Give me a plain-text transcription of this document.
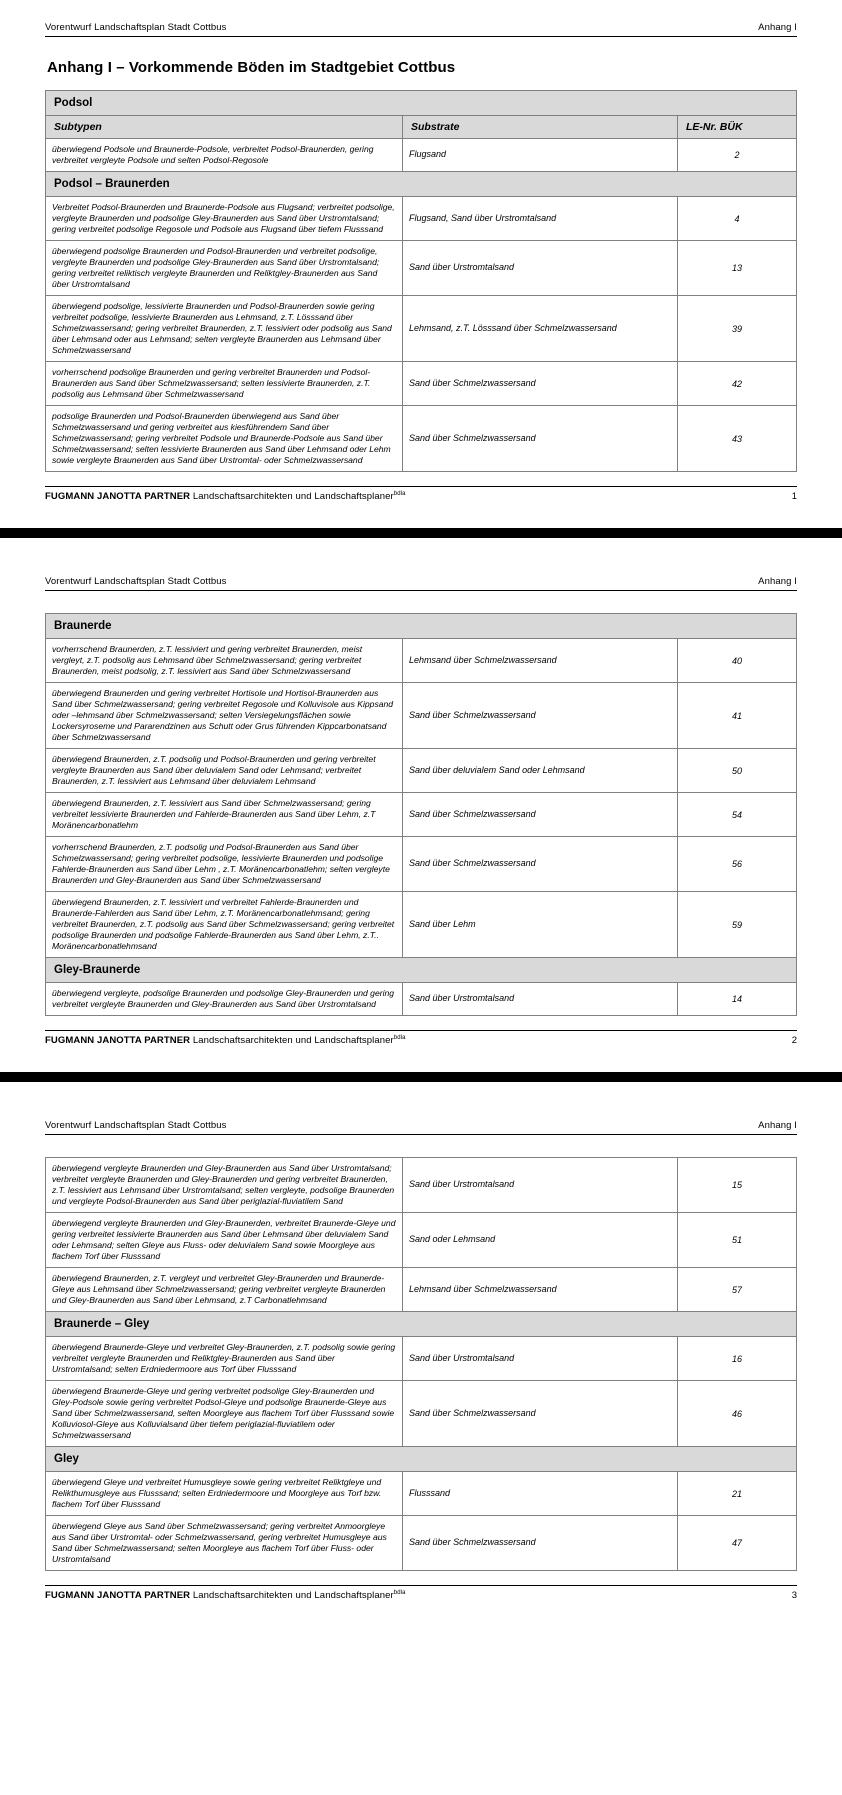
Vorentwurf Landschaftsplan Stadt Cottbus	Anhang I
Anhang I – Vorkommende Böden im Stadtgebiet Cottbus
Podsol		
Subtypen	Substrate	LE-Nr. BÜK
überwiegend Podsole und Braunerde-Podsole, verbreitet Podsol-Braunerden, gering verbreitet vergleyte Podsole und selten Podsol-Regosole	Flugsand	2
Podsol – Braunerden		
Verbreitet Podsol-Braunerden und Braunerde-Podsole aus Flugsand; verbreitet podsolige, vergleyte Braunerden und podsolige Gley-Braunerden aus Sand über Urstromtalsand; gering verbreitet podsolige Regosole und Podsole aus Flugsand über tiefem Flusssand	Flugsand, Sand über Urstromtalsand	4
überwiegend podsolige Braunerden und Podsol-Braunerden und verbreitet podsolige, vergleyte Braunerden und podsolige Gley-Braunerden aus Sand über Urstromtalsand; gering verbreitet reliktisch vergleyte Braunerden und Reliktgley-Braunerden aus Sand über Urstromtalsand	Sand über Urstromtalsand	13
überwiegend podsolige, lessivierte Braunerden und Podsol-Braunerden sowie gering verbreitet podsolige, lessivierte Braunerden aus Lehmsand, z.T. Lösssand über Schmelzwassersand; gering verbreitet Braunerden, z.T. lessiviert oder podsolig aus Sand über Lehmsand oder aus Lehmsand; selten vergleyte Braunerden aus Lehmsand über Schmelzwassersand	Lehmsand, z.T. Lösssand über Schmelzwassersand	39
vorherrschend podsolige Braunerden und gering verbreitet Braunerden und Podsol-Braunerden aus Sand über Schmelzwassersand; selten lessivierte Braunerden, z.T. podsolig aus Lehmsand über Schmelzwassersand	Sand über Schmelzwassersand	42
podsolige Braunerden und Podsol-Braunerden überwiegend aus Sand über Schmelzwassersand und gering verbreitet aus kiesführendem Sand über Schmelzwassersand; gering verbreitet Podsole und Braunerde-Podsole aus Sand über Schmelzwassersand; selten lessivierte Braunerden aus Sand über Lehmsand oder Lehm sowie vergleyte Braunerden aus Sand über Urstromtal- oder Schmelzwassersand	Sand über Schmelzwassersand	43
FUGMANN JANOTTA PARTNER Landschaftsarchitekten und Landschaftsplaner$^{bdla}$	1
Vorentwurf Landschaftsplan Stadt Cottbus	Anhang I
Braunerde		
vorherrschend Braunerden, z.T. lessiviert und gering verbreitet Braunerden, meist vergleyt, z.T. podsolig aus Lehmsand über Schmelzwassersand; gering verbreitet Braunerden, meist podsolig, z.T. lessiviert aus Sand über Schmelzwassersand	Lehmsand über Schmelzwassersand	40
überwiegend Braunerden und gering verbreitet Hortisole und Hortisol-Braunerden aus Sand über Schmelzwassersand; gering verbreitet Regosole und Kolluvisole aus Kippsand oder –lehmsand über Schmelzwassersand; selten Versiegelungsflächen sowie Lockersyroseme und Pararendzinen aus Schutt oder Grus führenden Kippcarbonatsand über Schmelzwassersand	Sand über Schmelzwassersand	41
überwiegend Braunerden, z.T. podsolig und Podsol-Braunerden und gering verbreitet vergleyte Braunerden aus Sand über deluvialem Sand oder Lehmsand; verbreitet Braunerden, z.T. lessiviert aus Lehmsand über deluvialem Lehmsand	Sand über deluvialem Sand oder Lehmsand	50
überwiegend Braunerden, z.T. lessiviert aus Sand über Schmelzwassersand; gering verbreitet lessivierte Braunerden und Fahlerde-Braunerden aus Sand über Lehm, z.T Moränencarbonatlehm	Sand über Schmelzwassersand	54
vorherrschend Braunerden, z.T. podsolig und Podsol-Braunerden aus Sand über Schmelzwassersand; gering verbreitet podsolige, lessivierte Braunerden und podsolige Fahlerde-Braunerden aus Sand über Lehm , z.T. Moränencarbonatlehm; selten vergleyte Braunerden und Gley-Braunerden aus Sand über Schmelzwassersand	Sand über Schmelzwassersand	56
überwiegend Braunerden, z.T. lessiviert und verbreitet Fahlerde-Braunerden und Braunerde-Fahlerden aus Sand über Lehm, z.T. Moränencarbonatlehmsand; gering verbreitet Braunerden, z.T. podsolig aus Sand über Schmelzwassersand; gering verbreitet podsolige Braunerden und podsolige Fahlerde-Braunerden aus Sand über Lehm, z.T.. Moränencarbonatlehmsand	Sand über Lehm	59
Gley-Braunerde		
überwiegend vergleyte, podsolige Braunerden und podsolige Gley-Braunerden und gering verbreitet vergleyte Braunerden und Gley-Braunerden aus Sand über Urstromtalsand	Sand über Urstromtalsand	14
FUGMANN JANOTTA PARTNER Landschaftsarchitekten und Landschaftsplaner$^{bdla}$	2
Vorentwurf Landschaftsplan Stadt Cottbus	Anhang I
überwiegend vergleyte Braunerden und Gley-Braunerden aus Sand über Urstromtalsand; verbreitet vergleyte Braunerden und Gley-Braunerden und gering verbreitet Braunerden, z.T. lessiviert aus Lehmsand über Urstromtalsand; selten vergleyte, podsolige Braunerden und vergleyte Podsol-Braunerden aus Sand über periglazial-fluviatilem Sand	Sand über Urstromtalsand	15
überwiegend vergleyte Braunerden und Gley-Braunerden, verbreitet Braunerde-Gleye und gering verbreitet lessivierte Braunerden aus Sand über Lehmsand über deluvialem Sand oder Lehmsand; selten Gleye aus Fluss- oder deluvialem Sand sowie Moorgleye aus flachem Torf über Flusssand	Sand oder Lehmsand	51
überwiegend Braunerden, z.T. vergleyt und verbreitet Gley-Braunerden und Braunerde-Gleye aus Lehmsand über Schmelzwassersand; gering verbreitet vergleyte Braunerden und Gley-Braunerden aus Sand über Lehmsand, z.T Carbonatlehmsand	Lehmsand über Schmelzwassersand	57
Braunerde – Gley		
überwiegend Braunerde-Gleye und verbreitet Gley-Braunerden, z.T. podsolig sowie gering verbreitet vergleyte Braunerden und Reliktgley-Braunerden aus Sand über Urstromtalsand; selten Erdniedermoore aus Torf über Flusssand	Sand über Urstromtalsand	16
überwiegend Braunerde-Gleye und gering verbreitet podsolige Gley-Braunerden und Gley-Podsole sowie gering verbreitet Podsol-Gleye und podsolige Braunerde-Gleye aus Sand über Schmelzwassersand, selten Moorgleye aus flachem Torf über Flusssand sowie Kolluviosol-Gleye aus Kolluvialsand über tiefem periglazial-fluviatilem oder Schmelzwassersand	Sand über Schmelzwassersand	46
Gley		
überwiegend Gleye und verbreitet Humusgleye sowie gering verbreitet Reliktgleye und Relikthumusgleye aus Flusssand; selten Erdniedermoore und Moorgleye aus Torf bzw. flachem Torf über Flusssand	Flusssand	21
überwiegend Gleye aus Sand über Schmelzwassersand; gering verbreitet Anmoorgleye aus Sand über Urstromtal- oder Schmelzwassersand, gering verbreitet Humusgleye aus Sand über Schmelzwassersand; selten Moorgleye aus flachem Torf über Fluss- oder Urstromtalsand	Sand über Schmelzwassersand	47
FUGMANN JANOTTA PARTNER Landschaftsarchitekten und Landschaftsplaner$^{bdla}$	3
